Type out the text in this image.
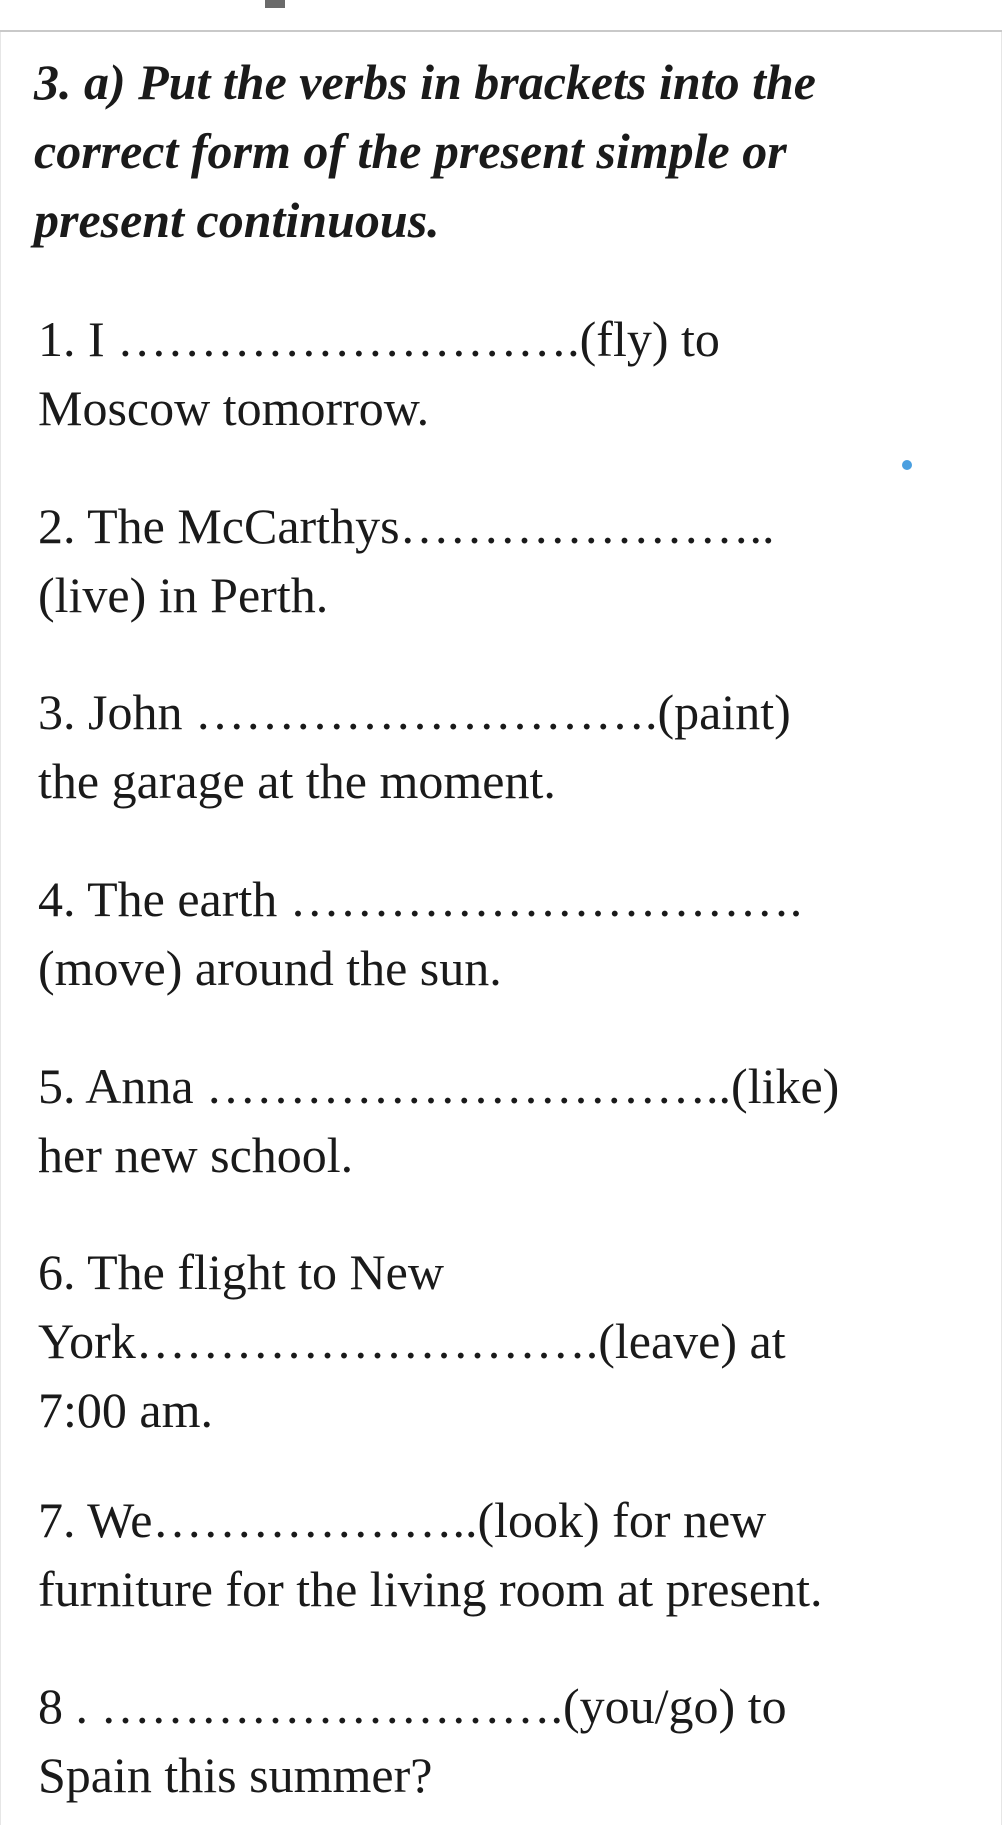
3. a) Put the verbs in brackets into the
correct form of the present simple or
present continuous.

1. I ……………………….(fly) to
Moscow tomorrow.

2. The McCarthys…………………..
(live) in Perth.

3. John ……………………….(paint)
the garage at the moment.

4. The earth ………………………….
(move) around the sun.

5. Anna …………………………..(like)
her new school.

6. The flight to New
York……………………….(leave) at
7:00 am.

7. We………………..(look) for new
furniture for the living room at present.

8 . ……………………….(you/go) to
Spain this summer?
